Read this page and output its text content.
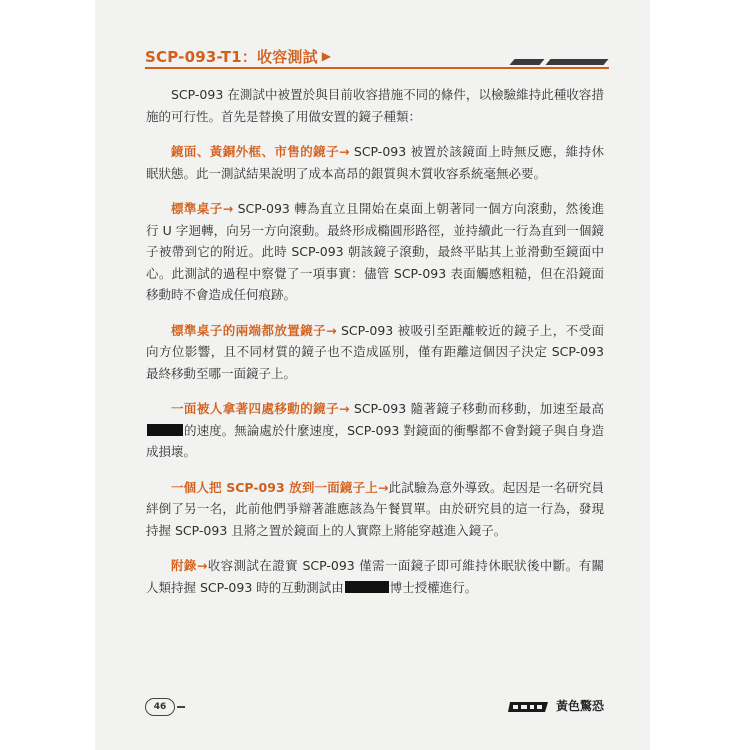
SCP-093-T1：收容測試 ▶

SCP-093 在測試中被置於與目前收容措施不同的條件，以檢驗維持此種收容措施的可行性。首先是替換了用做安置的鏡子種類：

鏡面、黃銅外框、市售的鏡子→ SCP-093 被置於該鏡面上時無反應，維持休眠狀態。此一測試結果說明了成本高昂的銀質與木質收容系統毫無必要。

標準桌子→ SCP-093 轉為直立且開始在桌面上朝著同一個方向滾動，然後進行 U 字迴轉，向另一方向滾動。最終形成橢圓形路徑，並持續此一行為直到一個鏡子被帶到它的附近。此時 SCP-093 朝該鏡子滾動，最終平貼其上並滑動至鏡面中心。此測試的過程中察覺了一項事實：儘管 SCP-093 表面觸感粗糙，但在沿鏡面移動時不會造成任何痕跡。

標準桌子的兩端都放置鏡子→ SCP-093 被吸引至距離較近的鏡子上，不受面向方位影響，且不同材質的鏡子也不造成區別，僅有距離這個因子決定 SCP-093 最終移動至哪一面鏡子上。

一面被人拿著四處移動的鏡子→ SCP-093 隨著鏡子移動而移動，加速至最高的速度。無論處於什麼速度，SCP-093 對鏡面的衝擊都不會對鏡子與自身造成損壞。

一個人把 SCP-093 放到一面鏡子上→此試驗為意外導致。起因是一名研究員絆倒了另一名，此前他們爭辯著誰應該為午餐買單。由於研究員的這一行為，發現持握 SCP-093 且將之置於鏡面上的人實際上將能穿越進入鏡子。

附錄→收容測試在證實 SCP-093 僅需一面鏡子即可維持休眠狀後中斷。有關人類持握 SCP-093 時的互動測試由	博士授權進行。

46	黃色驚恐
